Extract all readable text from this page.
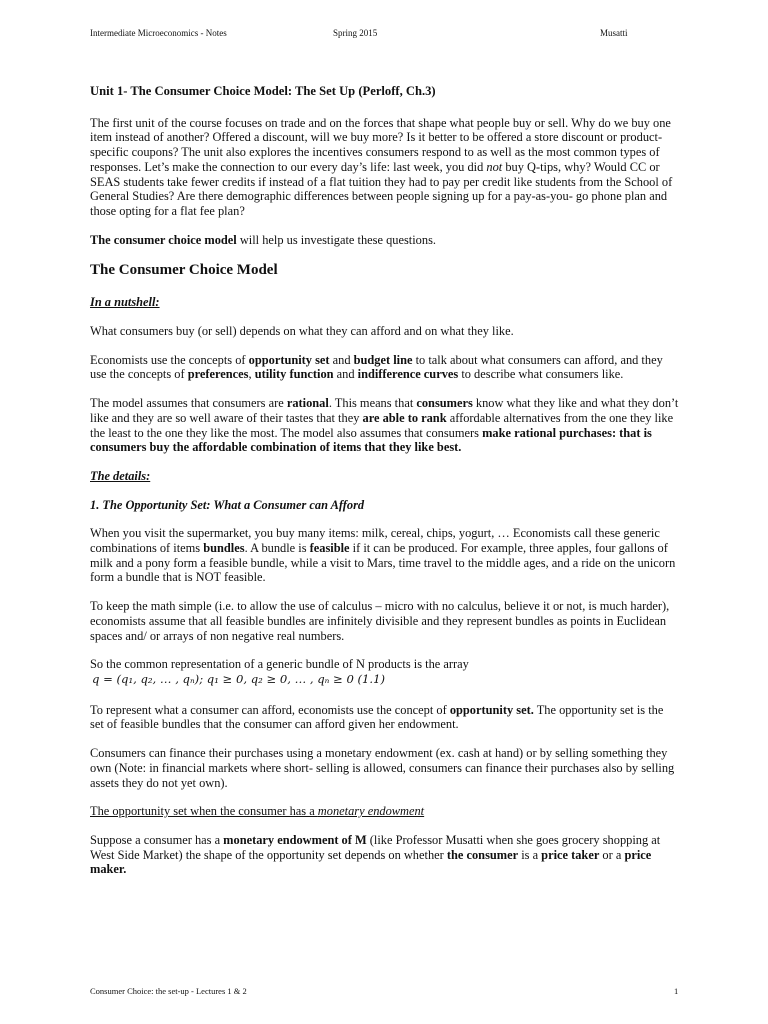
Intermediate Microeconomics - Notes	Spring 2015	Musatti

Unit 1- The Consumer Choice Model: The Set Up (Perloff, Ch.3)

The first unit of the course focuses on trade and on the forces that shape what people buy or sell. Why do we buy one item instead of another? Offered a discount, will we buy more? Is it better to be offered a store discount or product-specific coupons? The unit also explores the incentives consumers respond to as well as the most common types of responses. Let’s make the connection to our every day’s life: last week, you did not buy Q-tips, why? Would CC or SEAS students take fewer credits if instead of a flat tuition they had to pay per credit like students from the School of General Studies? Are there demographic differences between people signing up for a pay-as-you- go phone plan and those opting for a flat fee plan?

The consumer choice model will help us investigate these questions.

The Consumer Choice Model

In a nutshell:

What consumers buy (or sell) depends on what they can afford and on what they like.

Economists use the concepts of opportunity set and budget line to talk about what consumers can afford, and they use the concepts of preferences, utility function and indifference curves to describe what consumers like.

The model assumes that consumers are rational. This means that consumers know what they like and what they don’t like and they are so well aware of their tastes that they are able to rank affordable alternatives from the one they like the least to the one they like the most. The model also assumes that consumers make rational purchases: that is consumers buy the affordable combination of items that they like best.

The details:

1. The Opportunity Set: What a Consumer can Afford

When you visit the supermarket, you buy many items: milk, cereal, chips, yogurt, … Economists call these generic combinations of items bundles. A bundle is feasible if it can be produced. For example, three apples, four gallons of milk and a pony form a feasible bundle, while a visit to Mars, time travel to the middle ages, and a ride on the unicorn form a bundle that is NOT feasible.

To keep the math simple (i.e. to allow the use of calculus – micro with no calculus, believe it or not, is much harder), economists assume that all feasible bundles are infinitely divisible and they represent bundles as points in Euclidean spaces and/ or arrays of non negative real numbers.

So the common representation of a generic bundle of N products is the array
q = (q₁, q₂, … , qₙ); q₁ ≥ 0, q₂ ≥ 0, … , qₙ ≥ 0 (1.1)

To represent what a consumer can afford, economists use the concept of opportunity set. The opportunity set is the set of feasible bundles that the consumer can afford given her endowment.

Consumers can finance their purchases using a monetary endowment (ex. cash at hand) or by selling something they own (Note: in financial markets where short- selling is allowed, consumers can finance their purchases also by selling assets they do not yet own).

The opportunity set when the consumer has a monetary endowment

Suppose a consumer has a monetary endowment of M (like Professor Musatti when she goes grocery shopping at West Side Market) the shape of the opportunity set depends on whether the consumer is a price taker or a price maker.

Consumer Choice: the set-up - Lectures 1 & 2	1
